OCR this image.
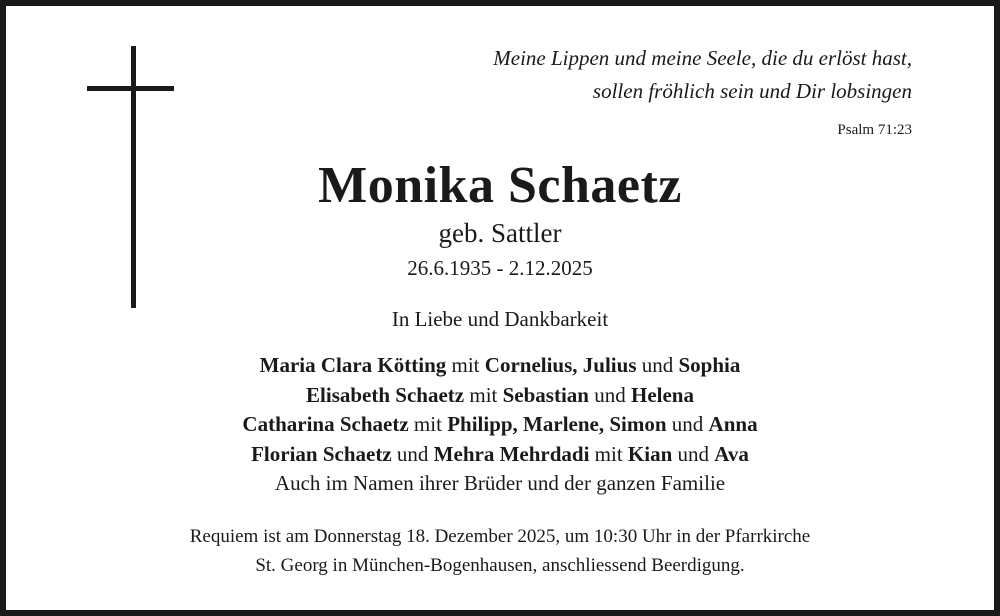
Meine Lippen und meine Seele, die du erlöst hast,
sollen fröhlich sein und Dir lobsingen
Psalm 71:23
Monika Schaetz
geb. Sattler
26.6.1935 - 2.12.2025
In Liebe und Dankbarkeit
Maria Clara Kötting mit Cornelius, Julius und Sophia
Elisabeth Schaetz mit Sebastian und Helena
Catharina Schaetz mit Philipp, Marlene, Simon und Anna
Florian Schaetz und Mehra Mehrdadi mit Kian und Ava
Auch im Namen ihrer Brüder und der ganzen Familie
Requiem ist am Donnerstag 18. Dezember 2025, um 10:30 Uhr in der Pfarrkirche
St. Georg in München-Bogenhausen, anschliessend Beerdigung.
